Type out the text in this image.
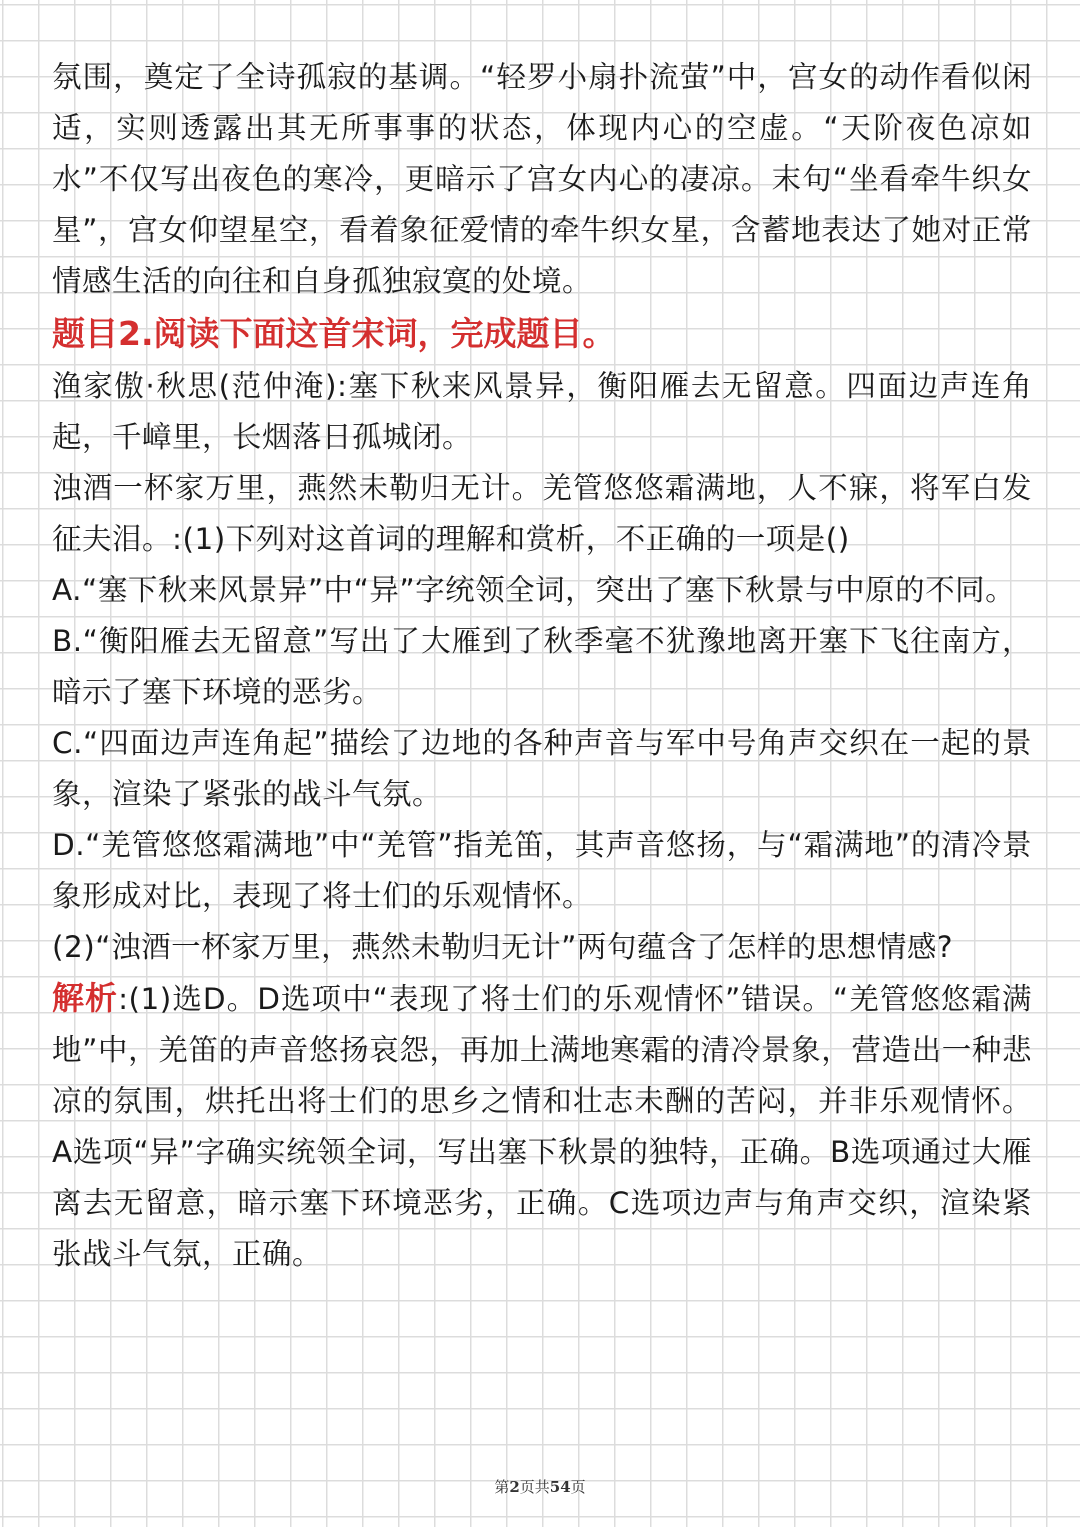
氛围，奠定了全诗孤寂的基调。“轻罗小扇扑流萤”中，宫女的动作看似闲适，实则透露出其无所事事的状态，体现内心的空虚。“天阶夜色凉如水”不仅写出夜色的寒冷，更暗示了宫女内心的凄凉。末句“坐看牵牛织女星”，宫女仰望星空，看着象征爱情的牵牛织女星，含蓄地表达了她对正常情感生活的向往和自身孤独寂寞的处境。

题目2.阅读下面这首宋词，完成题目。

渔家傲·秋思(范仲淹):塞下秋来风景异，衡阳雁去无留意。四面边声连角起，千嶂里，长烟落日孤城闭。

浊酒一杯家万里，燕然未勒归无计。羌管悠悠霜满地，人不寐，将军白发征夫泪。:(1)下列对这首词的理解和赏析，不正确的一项是()

A.“塞下秋来风景异”中“异”字统领全词，突出了塞下秋景与中原的不同。

B.“衡阳雁去无留意”写出了大雁到了秋季毫不犹豫地离开塞下飞往南方，暗示了塞下环境的恶劣。

C.“四面边声连角起”描绘了边地的各种声音与军中号角声交织在一起的景象，渲染了紧张的战斗气氛。

D.“羌管悠悠霜满地”中“羌管”指羌笛，其声音悠扬，与“霜满地”的清冷景象形成对比，表现了将士们的乐观情怀。

(2)“浊酒一杯家万里，燕然未勒归无计”两句蕴含了怎样的思想情感?

解析:(1)选D。D选项中“表现了将士们的乐观情怀”错误。“羌管悠悠霜满地”中，羌笛的声音悠扬哀怨，再加上满地寒霜的清冷景象，营造出一种悲凉的氛围，烘托出将士们的思乡之情和壮志未酬的苦闷，并非乐观情怀。A选项“异”字确实统领全词，写出塞下秋景的独特，正确。B选项通过大雁离去无留意，暗示塞下环境恶劣，正确。C选项边声与角声交织，渲染紧张战斗气氛，正确。

第2页共54页
